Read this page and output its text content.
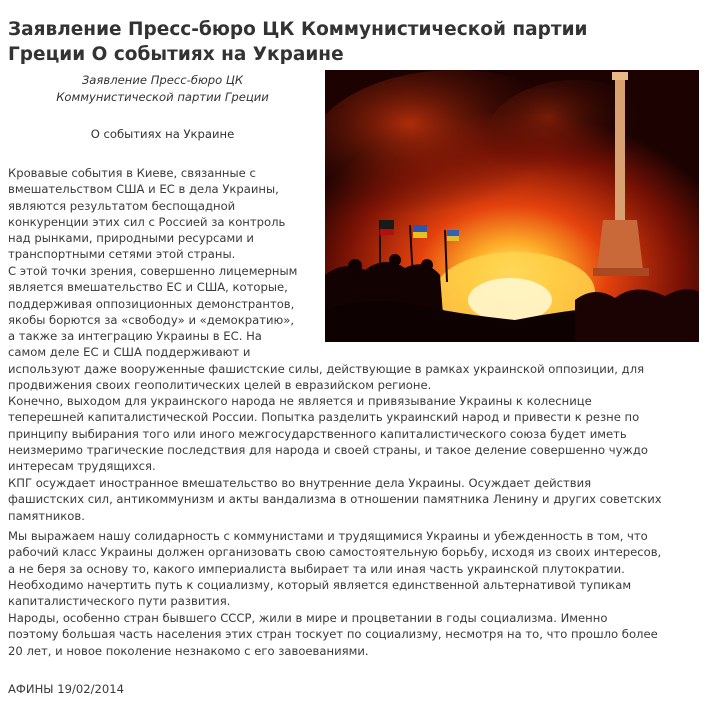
Заявление Пресс-бюро ЦК Коммунистической партии
Греции О событиях на Украине
Заявление Пресс-бюро ЦК
Коммунистической партии Греции
О событиях на Украине

Кровавые события в Киеве, связанные с
вмешательством США и ЕС в дела Украины,
являются результатом беспощадной
конкуренции этих сил с Россией за контроль
над рынками, природными ресурсами и
транспортными сетями этой страны.

С этой точки зрения, совершенно лицемерным
является вмешательство ЕС и США, которые,
поддерживая оппозиционных демонстрантов,
якобы борются за «свободу» и «демократию»,
а также за интеграцию Украины в ЕС. На
самом деле ЕС и США поддерживают и
используют даже вооруженные фашистские силы, действующие в рамках украинской оппозиции, для
продвижения своих геополитических целей в евразийском регионе.

Конечно, выходом для украинского народа не является и привязывание Украины к колеснице
теперешней капиталистической России. Попытка разделить украинский народ и привести к резне по
принципу выбирания того или иного межгосударственного капиталистического союза будет иметь
неизмеримо трагические последствия для народа и своей страны, и такое деление совершенно чуждо
интересам трудящихся.

КПГ осуждает иностранное вмешательство во внутренние дела Украины. Осуждает действия
фашистских сил, антикоммунизм и акты вандализма в отношении памятника Ленину и других советских
памятников.

Мы выражаем нашу солидарность с коммунистами и трудящимися Украины и убежденность в том, что
рабочий класс Украины должен организовать свою самостоятельную борьбу, исходя из своих интересов,
а не беря за основу то, какого империалиста выбирает та или иная часть украинской плутократии.
Необходимо начертить путь к социализму, который является единственной альтернативой тупикам
капиталистического пути развития.

Народы, особенно стран бывшего СССР, жили в мире и процветании в годы социализма. Именно
поэтому большая часть населения этих стран тоскует по социализму, несмотря на то, что прошло более
20 лет, и новое поколение незнакомо с его завоеваниями.

АФИНЫ 19/02/2014
